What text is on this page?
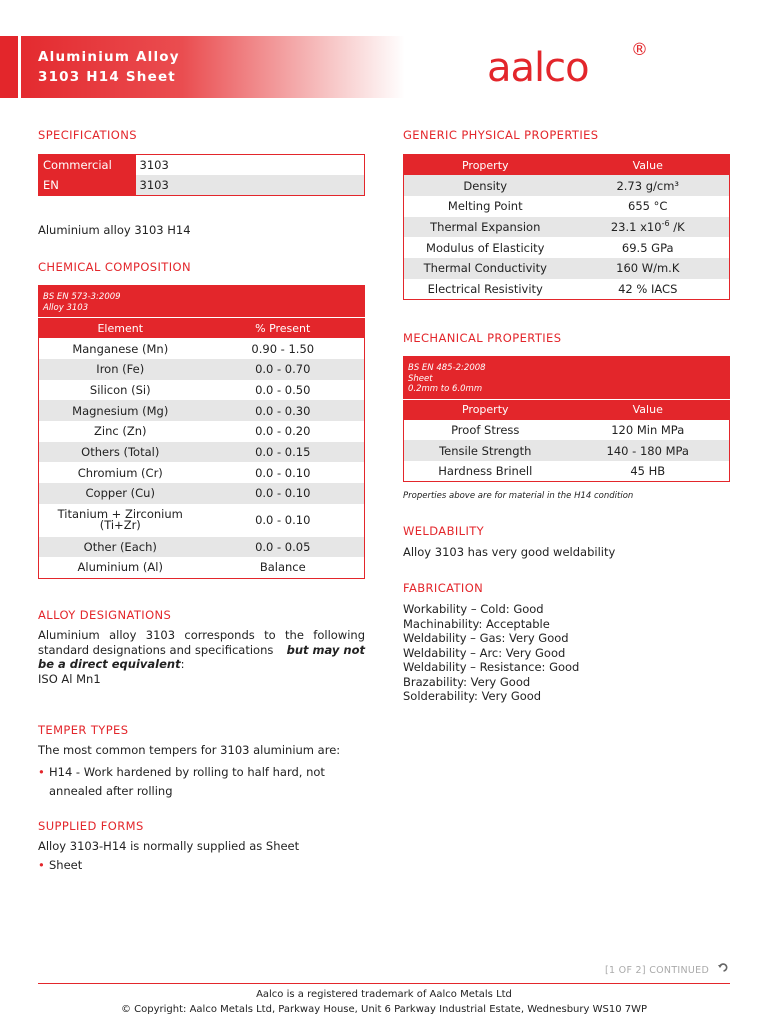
Aluminium Alloy
3103 H14 Sheet	aalco ®
SPECIFICATIONS
Commercial	3103
EN	3103
Aluminium alloy 3103 H14
CHEMICAL COMPOSITION
BS EN 573-3:2009
Alloy 3103	

Element	% Present
Manganese (Mn)	0.90 - 1.50
Iron (Fe)	0.0 - 0.70
Silicon (Si)	0.0 - 0.50
Magnesium (Mg)	0.0 - 0.30
Zinc (Zn)	0.0 - 0.20
Others (Total)	0.0 - 0.15
Chromium (Cr)	0.0 - 0.10
Copper (Cu)	0.0 - 0.10

Titanium + Zirconium
(Ti+Zr)	0.0 - 0.10
Other (Each)	0.0 - 0.05
Aluminium (Al)	Balance
ALLOY DESIGNATIONS
Aluminium alloy 3103 corresponds to the following
standard designations and specifications but may not
be a direct equivalent:
ISO Al Mn1
TEMPER TYPES
The most common tempers for 3103 aluminium are:
• H14 - Work hardened by rolling to half hard, not
annealed after rolling
SUPPLIED FORMS
Alloy 3103-H14 is normally supplied as Sheet
• Sheet
GENERIC PHYSICAL PROPERTIES
Property	Value
Density	2.73 g/cm³
Melting Point	655 °C
Thermal Expansion	23.1 $x10^{-6}$ /K
Modulus of Elasticity	69.5 GPa
Thermal Conductivity	160 W/m.K
Electrical Resistivity	42 % IACS
MECHANICAL PROPERTIES
BS EN 485-2:2008
Sheet
0.2mm to 6.0mm	

Property	Value
Proof Stress	120 Min MPa
Tensile Strength	140 - 180 MPa
Hardness Brinell	45 HB
Properties above are for material in the H14 condition
WELDABILITY
Alloy 3103 has very good weldability
FABRICATION
Workability – Cold: Good
Machinability: Acceptable
Weldability – Gas: Very Good
Weldability – Arc: Very Good
Weldability – Resistance: Good
Brazability: Very Good
Solderability: Very Good
[1 OF 2] CONTINUED
Aalco is a registered trademark of Aalco Metals Ltd
© Copyright: Aalco Metals Ltd, Parkway House, Unit 6 Parkway Industrial Estate, Wednesbury WS10 7WP
